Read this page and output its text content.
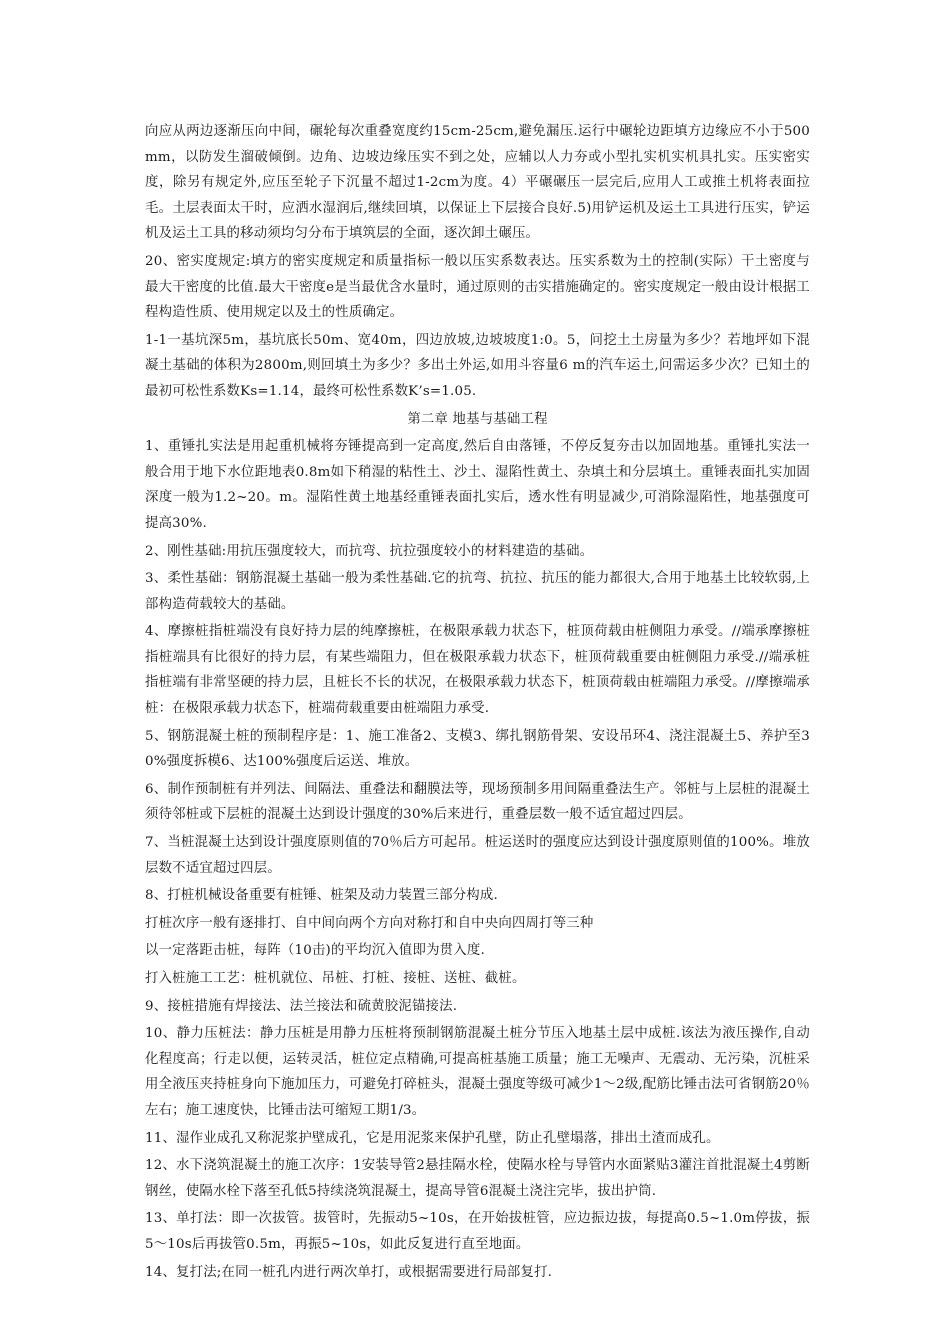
向应从两边逐渐压向中间，碾轮每次重叠宽度约15cm-25cm,避免漏压.运行中碾轮边距填方边缘应不小于500mm，以防发生溜破倾倒。边角、边坡边缘压实不到之处，应辅以人力夯或小型扎实机实机具扎实。压实密实度，除另有规定外,应压至轮子下沉量不超过1-2cm为度。4）平碾碾压一层完后,应用人工或推土机将表面拉毛。土层表面太干时，应洒水湿润后,继续回填，以保证上下层接合良好.5)用铲运机及运土工具进行压实，铲运机及运土工具的移动须均匀分布于填筑层的全面，逐次卸土碾压。

20、密实度规定:填方的密实度规定和质量指标一般以压实系数表达。压实系数为土的控制(实际）干土密度与最大干密度的比值.最大干密度e是当最优含水量时，通过原则的击实措施确定的。密实度规定一般由设计根据工程构造性质、使用规定以及土的性质确定。

1-1一基坑深5m，基坑底长50m、宽40m，四边放坡,边坡坡度1:0。5，问挖土土房量为多少？若地坪如下混凝土基础的体积为2800m,则回填土为多少？多出土外运,如用斗容量6 m的汽车运土,问需运多少次？已知土的最初可松性系数Ks=1.14，最终可松性系数K’s=1.05.

第二章 地基与基础工程

1、重锤扎实法是用起重机械将夯锤提高到一定高度,然后自由落锤，不停反复夯击以加固地基。重锤扎实法一般合用于地下水位距地表0.8m如下稍湿的粘性土、沙土、湿陷性黄土、杂填土和分层填土。重锤表面扎实加固深度一般为1.2~20。m。湿陷性黄土地基经重锤表面扎实后，透水性有明显减少,可消除湿陷性，地基强度可提高30%.

2、刚性基础:用抗压强度较大，而抗弯、抗拉强度较小的材料建造的基础。

3、柔性基础：钢筋混凝土基础一般为柔性基础.它的抗弯、抗拉、抗压的能力都很大,合用于地基土比较软弱,上部构造荷载较大的基础。

4、摩擦桩指桩端没有良好持力层的纯摩擦桩，在极限承载力状态下，桩顶荷载由桩侧阻力承受。//端承摩擦桩指桩端具有比很好的持力层，有某些端阻力，但在极限承载力状态下，桩顶荷载重要由桩侧阻力承受.//端承桩指桩端有非常坚硬的持力层，且桩长不长的状况，在极限承载力状态下，桩顶荷载由桩端阻力承受。//摩擦端承桩：在极限承载力状态下，桩端荷载重要由桩端阻力承受.

5、钢筋混凝土桩的预制程序是：1、施工准备2、支模3、绑扎钢筋骨架、安设吊环4、浇注混凝土5、养护至30%强度拆模6、达100%强度后运送、堆放。

6、制作预制桩有并列法、间隔法、重叠法和翻膜法等，现场预制多用间隔重叠法生产。邻桩与上层桩的混凝土须待邻桩或下层桩的混凝土达到设计强度的30%后来进行，重叠层数一般不适宜超过四层。

7、当桩混凝土达到设计强度原则值的70％后方可起吊。桩运送时的强度应达到设计强度原则值的100%。堆放层数不适宜超过四层。

8、打桩机械设备重要有桩锤、桩架及动力装置三部分构成.

打桩次序一般有逐排打、自中间向两个方向对称打和自中央向四周打等三种

以一定落距击桩，每阵（10击)的平均沉入值即为贯入度.

打入桩施工工艺：桩机就位、吊桩、打桩、接桩、送桩、截桩。

9、接桩措施有焊接法、法兰接法和硫黄胶泥锚接法.

10、静力压桩法：静力压桩是用静力压桩将预制钢筋混凝土桩分节压入地基土层中成桩.该法为液压操作,自动化程度高；行走以便，运转灵活，桩位定点精确,可提高桩基施工质量；施工无噪声、无震动、无污染，沉桩采用全液压夹持桩身向下施加压力，可避免打碎桩头，混凝土强度等级可减少1～2级,配筋比锤击法可省钢筋20％左右；施工速度快，比锤击法可缩短工期1/3。

11、湿作业成孔又称泥浆护壁成孔，它是用泥浆来保护孔壁，防止孔壁塌落，排出土渣而成孔。

12、水下浇筑混凝土的施工次序：1安装导管2悬挂隔水栓，使隔水栓与导管内水面紧贴3灌注首批混凝土4剪断钢丝，使隔水栓下落至孔低5持续浇筑混凝土，提高导管6混凝土浇注完毕，拔出护筒.

13、单打法：即一次拔管。拔管时，先振动5~10s，在开始拔桩管，应边振边拔，每提高0.5~1.0m停拔，振5～10s后再拔管0.5m，再振5~10s，如此反复进行直至地面。

14、复打法;在同一桩孔内进行两次单打，或根据需要进行局部复打.
